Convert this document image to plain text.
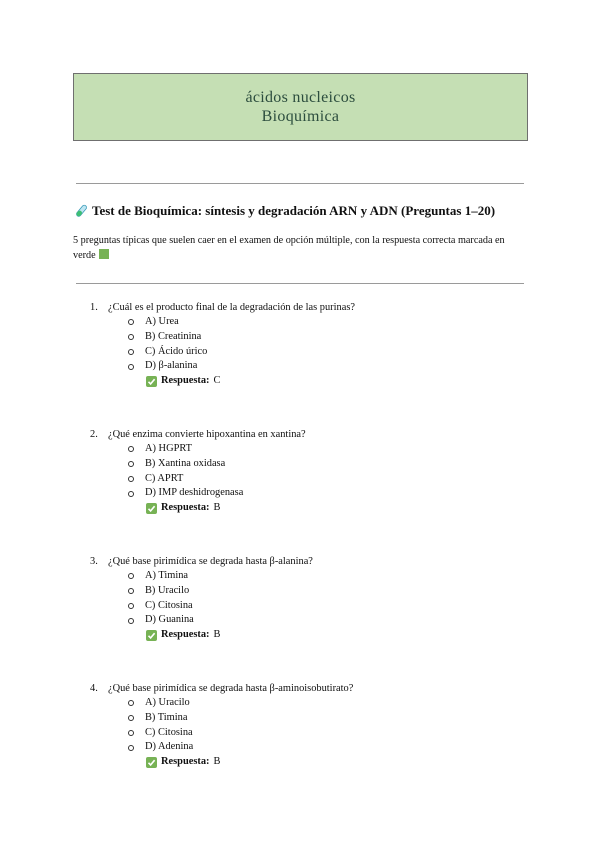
ácidos nucleicos
Bioquímica
Test de Bioquímica: síntesis y degradación ARN y ADN (Preguntas 1–20)
5 preguntas típicas que suelen caer en el examen de opción múltiple, con la respuesta correcta marcada en verde
1. ¿Cuál es el producto final de la degradación de las purinas?
A) Urea
B) Creatinina
C) Ácido úrico
D) β-alanina
Respuesta: C
2. ¿Qué enzima convierte hipoxantina en xantina?
A) HGPRT
B) Xantina oxidasa
C) APRT
D) IMP deshidrogenasa
Respuesta: B
3. ¿Qué base pirimídica se degrada hasta β-alanina?
A) Timina
B) Uracilo
C) Citosina
D) Guanina
Respuesta: B
4. ¿Qué base pirimídica se degrada hasta β-aminoisobutirato?
A) Uracilo
B) Timina
C) Citosina
D) Adenina
Respuesta: B
